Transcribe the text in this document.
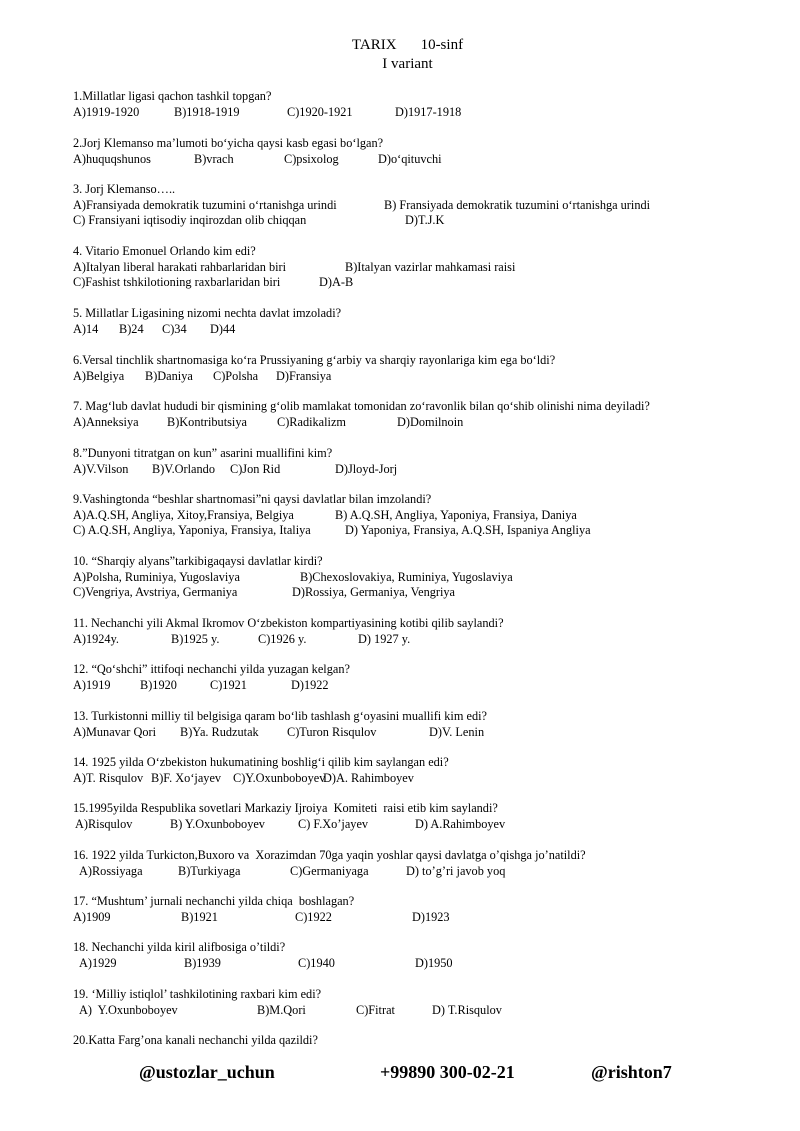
TARIX 10-sinf
I variant
1.Millatlar ligasi qachon tashkil topgan?
A)1919-1920	B)1918-1919	C)1920-1921	D)1917-1918
2.Jorj Klemanso ma’lumoti bo‘yicha qaysi kasb egasi bo‘lgan?
A)huquqshunos	B)vrach	C)psixolog	D)o‘qituvchi
3. Jorj Klemanso…..
A)Fransiyada demokratik tuzumini o‘rtanishga urindi	B) Fransiyada demokratik tuzumini o‘rtanishga urindi
C) Fransiyani iqtisodiy inqirozdan olib chiqqan	D)T.J.K
4. Vitario Emonuel Orlando kim edi?
A)Italyan liberal harakati rahbarlaridan biri	B)Italyan vazirlar mahkamasi raisi
C)Fashist tshkilotioning raxbarlaridan biri	D)A-B
5. Millatlar Ligasining nizomi nechta davlat imzoladi?
A)14 B)24 C)34 D)44
6.Versal tinchlik shartnomasiga ko‘ra Prussiyaning g‘arbiy va sharqiy rayonlariga kim ega bo‘ldi?
A)Belgiya B)Daniya C)Polsha D)Fransiya
7. Mag‘lub davlat hududi bir qismining g‘olib mamlakat tomonidan zo‘ravonlik bilan qo‘shib olinishi nima deyiladi?
A)Anneksiya B)Kontributsiya C)Radikalizm	D)Domilnoin
8.”Dunyoni titratgan on kun” asarini muallifini kim?
A)V.Vilson B)V.Orlando C)Jon Rid	D)Jloyd-Jorj
9.Vashingtonda “beshlar shartnomasi”ni qaysi davlatlar bilan imzolandi?
A)A.Q.SH, Angliya, Xitoy,Fransiya, Belgiya	B) A.Q.SH, Angliya, Yaponiya, Fransiya, Daniya
C) A.Q.SH, Angliya, Yaponiya, Fransiya, Italiya	D) Yaponiya, Fransiya, A.Q.SH, Ispaniya Angliya
10. “Sharqiy alyans”tarkibigaqaysi davlatlar kirdi?
A)Polsha, Ruminiya, Yugoslaviya	B)Chexoslovakiya, Ruminiya, Yugoslaviya
C)Vengriya, Avstriya, Germaniya	D)Rossiya, Germaniya, Vengriya
11. Nechanchi yili Akmal Ikromov O‘zbekiston kompartiyasining kotibi qilib saylandi?
A)1924y.	B)1925 y.	C)1926 y.	D) 1927 y.
12. “Qo‘shchi” ittifoqi nechanchi yilda yuzagan kelgan?
A)1919 B)1920	C)1921	D)1922
13. Turkistonni milliy til belgisiga qaram bo‘lib tashlash g‘oyasini muallifi kim edi?
A)Munavar Qori B)Ya. Rudzutak C)Turon Risqulov	D)V. Lenin
14. 1925 yilda O‘zbekiston hukumatining boshlig‘i qilib kim saylangan edi?
A)T. Risqulov B)F. Xo‘jayev C)Y.Oxunboboyev
D)A. Rahimboyev
15.1995yilda Respublika sovetlari Markaziy Ijroiya  Komiteti  raisi etib kim saylandi?
A)Risqulov	B) Y.Oxunboboyev	C) F.Xo’jayev	D) A.Rahimboyev
16. 1922 yilda Turkicton,Buxoro va  Xorazimdan 70ga yaqin yoshlar qaysi davlatga o’qishga jo’natildi?
A)Rossiyaga	B)Turkiyaga	C)Germaniyaga	D) to’g’ri javob yoq
17. “Mushtum’ jurnali nechanchi yilda chiqa  boshlagan?
A)1909	B)1921	C)1922	D)1923
18. Nechanchi yilda kiril alifbosiga o’tildi?
A)1929	B)1939	C)1940	D)1950
19. ‘Milliy istiqlol’ tashkilotining raxbari kim edi?
A)  Y.Oxunboboyev	B)M.Qori	C)Fitrat	D) T.Risqulov
20.Katta Farg’ona kanali nechanchi yilda qazildi?
@ustozlar_uchun	+99890 300-02-21	@rishton7
